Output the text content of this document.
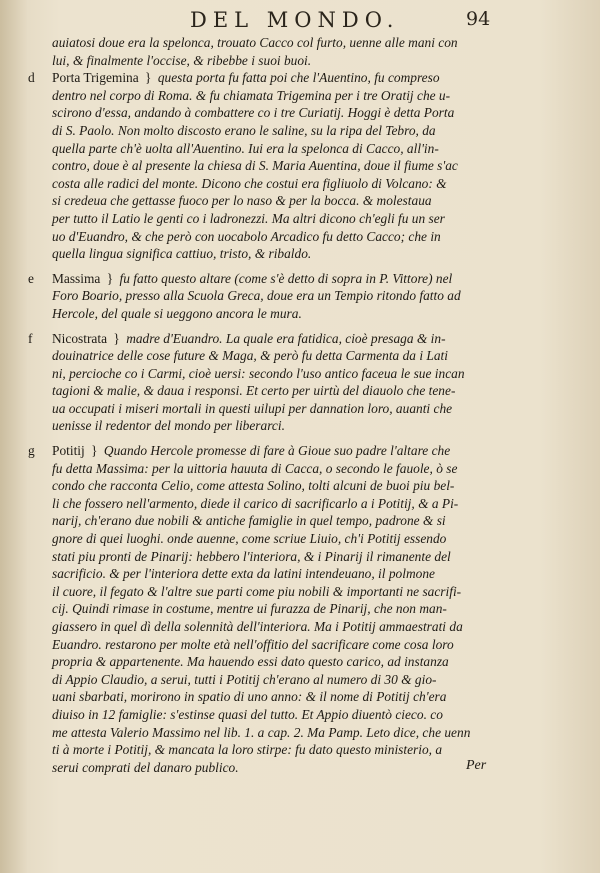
DEL MONDO.	94
auiatosi doue era la spelonca, trouato Cacco col furto, uenne alle mani con
lui, & finalmente l'occise, & ribebbe i suoi buoi.
d Porta Trigemina } questa porta fu fatta poi che l'Auentino, fu compreso
dentro nel corpo di Roma. & fu chiamata Trigemina per i tre Oratij che u-
scirono d'essa, andando à combattere co i tre Curiatij. Hoggi è detta Porta
di S. Paolo. Non molto discosto erano le saline, su la ripa del Tebro, da
quella parte ch'è uolta all'Auentino. Iui era la spelonca di Cacco, all'in-
contro, doue è al presente la chiesa di S. Maria Auentina, doue il fiume s'ac
costa alle radici del monte. Dicono che costui era figliuolo di Volcano: &
si credeua che gettasse fuoco per lo naso & per la bocca. & molestaua
per tutto il Latio le genti co i ladronezzi. Ma altri dicono ch'egli fu un ser
uo d'Euandro, & che però con uocabolo Arcadico fu detto Cacco; che in
quella lingua significa cattiuo, tristo, & ribaldo.
e Massima } fu fatto questo altare (come s'è detto di sopra in P. Vittore) nel
Foro Boario, presso alla Scuola Greca, doue era un Tempio ritondo fatto ad
Hercole, del quale si ueggono ancora le mura.
f Nicostrata } madre d'Euandro. La quale era fatidica, cioè presaga & in-
douinatrice delle cose future & Maga, & però fu detta Carmenta da i Lati
ni, percioche co i Carmi, cioè uersi: secondo l'uso antico faceua le sue incan
tagioni & malie, & daua i responsi. Et certo per uirtù del diauolo che tene-
ua occupati i miseri mortali in questi uilupi per dannation loro, auanti che
uenisse il redentor del mondo per liberarci.
g Potitij } Quando Hercole promesse di fare à Gioue suo padre l'altare che
fu detta Massima: per la uittoria hauuta di Cacca, o secondo le fauole, ò se
condo che racconta Celio, come attesta Solino, tolti alcuni de buoi piu bel-
li che fossero nell'armento, diede il carico di sacrificarlo a i Potitij, & a Pi-
narij, ch'erano due nobili & antiche famiglie in quel tempo, padrone & si
gnore di quei luoghi. onde auenne, come scriue Liuio, ch'i Potitij essendo
stati piu pronti de Pinarij: hebbero l'interiora, & i Pinarij il rimanente del
sacrificio. & per l'interiora dette exta da latini intendeuano, il polmone
il cuore, il fegato & l'altre sue parti come piu nobili & importanti ne sacrifi-
cij. Quindi rimase in costume, mentre ui furazza de Pinarij, che non man-
giassero in quel dì della solennità dell'interiora. Ma i Potitij ammaestrati da
Euandro. restarono per molte età nell'offitio del sacrificare come cosa loro
propria & appartenente. Ma hauendo essi dato questo carico, ad instanza
di Appio Claudio, a serui, tutti i Potitij ch'erano al numero di 30 & gio-
uani sbarbati, morirono in spatio di uno anno: & il nome di Potitij ch'era
diuiso in 12 famiglie: s'estinse quasi del tutto. Et Appio diuentò cieco. co
me attesta Valerio Massimo nel lib. 1. a cap. 2. Ma Pamp. Leto dice, che uenn
ti à morte i Potitij, & mancata la loro stirpe: fu dato questo ministerio, a
serui comprati del danaro publico.	Per
